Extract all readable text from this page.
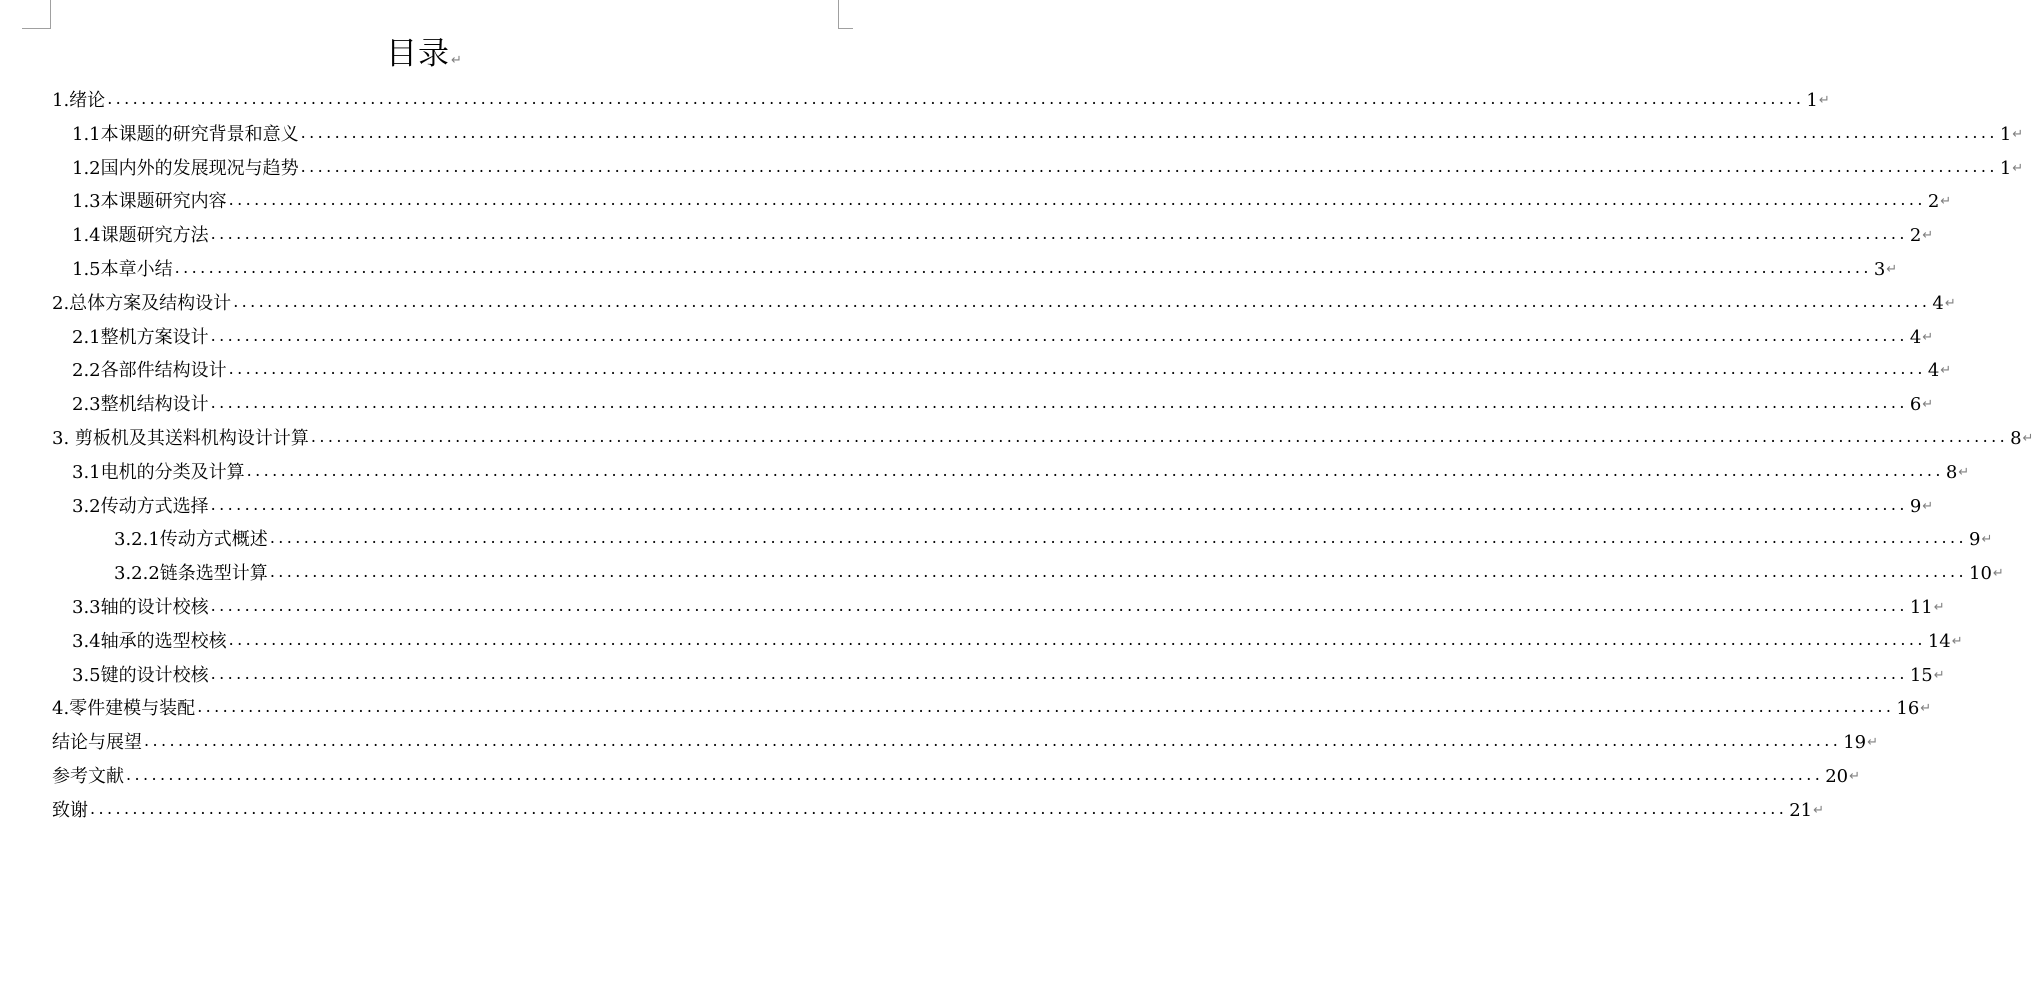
目录↵
1.绪论 ........................................................................................................................................................................................................ 1 ↵
1.1本课题的研究背景和意义 ........................................................................................................................................................................................................ 1 ↵
1.2国内外的发展现况与趋势 ........................................................................................................................................................................................................ 1 ↵
1.3本课题研究内容 ........................................................................................................................................................................................................ 2 ↵
1.4课题研究方法 ........................................................................................................................................................................................................ 2 ↵
1.5本章小结 ........................................................................................................................................................................................................ 3 ↵
2.总体方案及结构设计 ........................................................................................................................................................................................................ 4 ↵
2.1整机方案设计 ........................................................................................................................................................................................................ 4 ↵
2.2各部件结构设计 ........................................................................................................................................................................................................ 4 ↵
2.3整机结构设计 ........................................................................................................................................................................................................ 6 ↵
3. 剪板机及其送料机构设计计算 ........................................................................................................................................................................................................ 8 ↵
3.1电机的分类及计算 ........................................................................................................................................................................................................ 8 ↵
3.2传动方式选择 ........................................................................................................................................................................................................ 9 ↵
3.2.1传动方式概述 ........................................................................................................................................................................................................ 9 ↵
3.2.2链条选型计算 ........................................................................................................................................................................................................ 10 ↵
3.3轴的设计校核 ........................................................................................................................................................................................................ 11 ↵
3.4轴承的选型校核 ........................................................................................................................................................................................................ 14 ↵
3.5键的设计校核 ........................................................................................................................................................................................................ 15 ↵
4.零件建模与装配 ........................................................................................................................................................................................................ 16 ↵
结论与展望 ........................................................................................................................................................................................................ 19 ↵
参考文献 ........................................................................................................................................................................................................ 20 ↵
致谢 ........................................................................................................................................................................................................ 21 ↵
